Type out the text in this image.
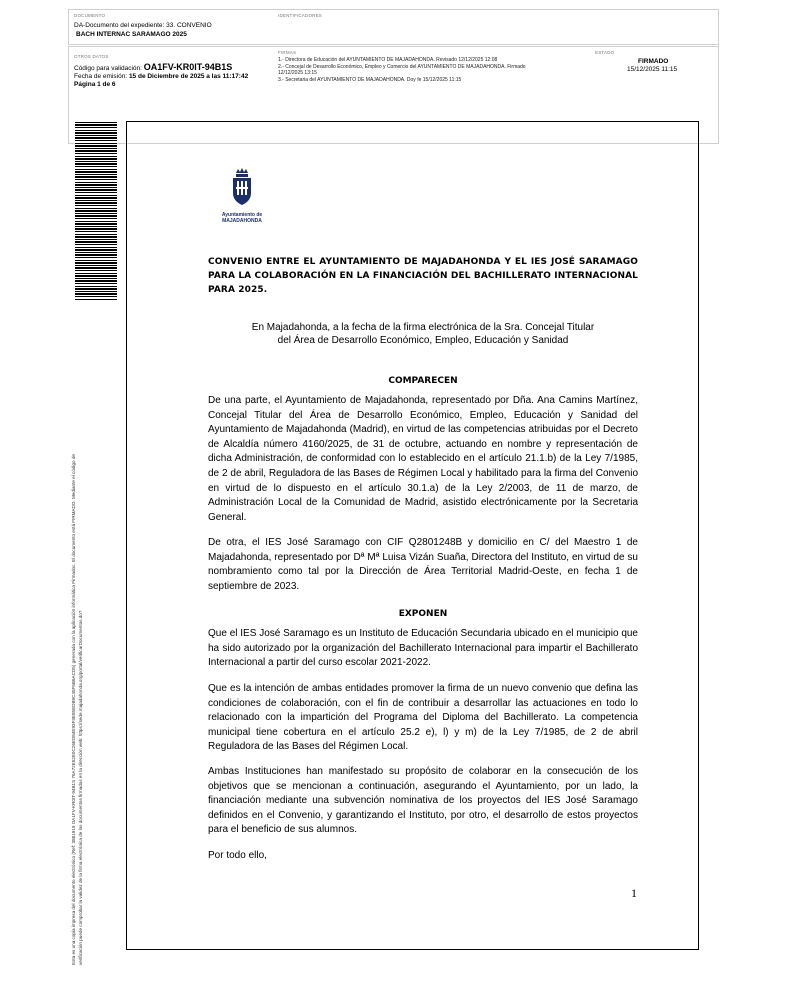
DOCUMENTO
DA-Documento del expediente: 33. CONVENIO
BACH INTERNAC SARAMAGO 2025
IDENTIFICADORES
OTROS DATOS
Código para validación: OA1FV-KR0IT-94B1S
Fecha de emisión: 15 de Diciembre de 2025 a las 11:17:42
Página 1 de 6
FIRMAS
1.- Directora de Educación del AYUNTAMIENTO DE MAJADAHONDA. Revisado 12/12/2025 12:08
2.- Concejal de Desarrollo Económico, Empleo y Comercio del AYUNTAMIENTO DE MAJADAHONDA. Firmado
12/12/2025 13:15
3.- Secretaria del AYUNTAMIENTO DE MAJADAHONDA. Doy fe 15/12/2025 11:15
ESTADO
FIRMADO
15/12/2025 11:15
Esta es una copia impresa del documento electrónico (Ref: 3881919 OA1FV-KR0IT-94B1S 76A72E52E0C26ED84E93F3E85EDB9C45F5B6ACD5) generada con la aplicación informática Firmadoc. El documento está FIRMADO. Mediante el código de verificación puede comprobar la validez de la firma electrónica de los documentos firmados en la dirección web: https://sede.majadahonda.org/portal/verificarDocumentos.do?
Ayuntamiento de
MAJADAHONDA
CONVENIO ENTRE EL AYUNTAMIENTO DE MAJADAHONDA Y EL IES JOSÉ SARAMAGO PARA LA COLABORACIÓN EN LA FINANCIACIÓN DEL BACHILLERATO INTERNACIONAL PARA 2025.
En Majadahonda, a la fecha de la firma electrónica de la Sra. Concejal Titular
del Área de Desarrollo Económico, Empleo, Educación y Sanidad
COMPARECEN
De una parte, el Ayuntamiento de Majadahonda, representado por Dña. Ana Camins Martínez, Concejal Titular del Área de Desarrollo Económico, Empleo, Educación y Sanidad del Ayuntamiento de Majadahonda (Madrid), en virtud de las competencias atribuidas por el Decreto de Alcaldía número 4160/2025, de 31 de octubre, actuando en nombre y representación de dicha Administración, de conformidad con lo establecido en el artículo 21.1.b) de la Ley 7/1985, de 2 de abril, Reguladora de las Bases de Régimen Local y habilitado para la firma del Convenio en virtud de lo dispuesto en el artículo 30.1.a) de la Ley 2/2003, de 11 de marzo, de Administración Local de la Comunidad de Madrid, asistido electrónicamente por la Secretaria General.
De otra, el IES José Saramago con CIF Q2801248B y domicilio en C/ del Maestro 1 de Majadahonda, representado por Dª Mª Luisa Vizán Suaña, Directora del Instituto, en virtud de su nombramiento como tal por la Dirección de Área Territorial Madrid-Oeste, en fecha 1 de septiembre de 2023.
EXPONEN
Que el IES José Saramago es un Instituto de Educación Secundaria ubicado en el municipio que ha sido autorizado por la organización del Bachillerato Internacional para impartir el Bachillerato Internacional a partir del curso escolar 2021-2022.
Que es la intención de ambas entidades promover la firma de un nuevo convenio que defina las condiciones de colaboración, con el fin de contribuir a desarrollar las actuaciones en todo lo relacionado con la impartición del Programa del Diploma del Bachillerato. La competencia municipal tiene cobertura en el artículo 25.2 e), l) y m) de la Ley 7/1985, de 2 de abril Reguladora de las Bases del Régimen Local.
Ambas Instituciones han manifestado su propósito de colaborar en la consecución de los objetivos que se mencionan a continuación, asegurando el Ayuntamiento, por un lado, la financiación mediante una subvención nominativa de los proyectos del IES José Saramago definidos en el Convenio, y garantizando el Instituto, por otro, el desarrollo de estos proyectos para el beneficio de sus alumnos.
Por todo ello,
1
